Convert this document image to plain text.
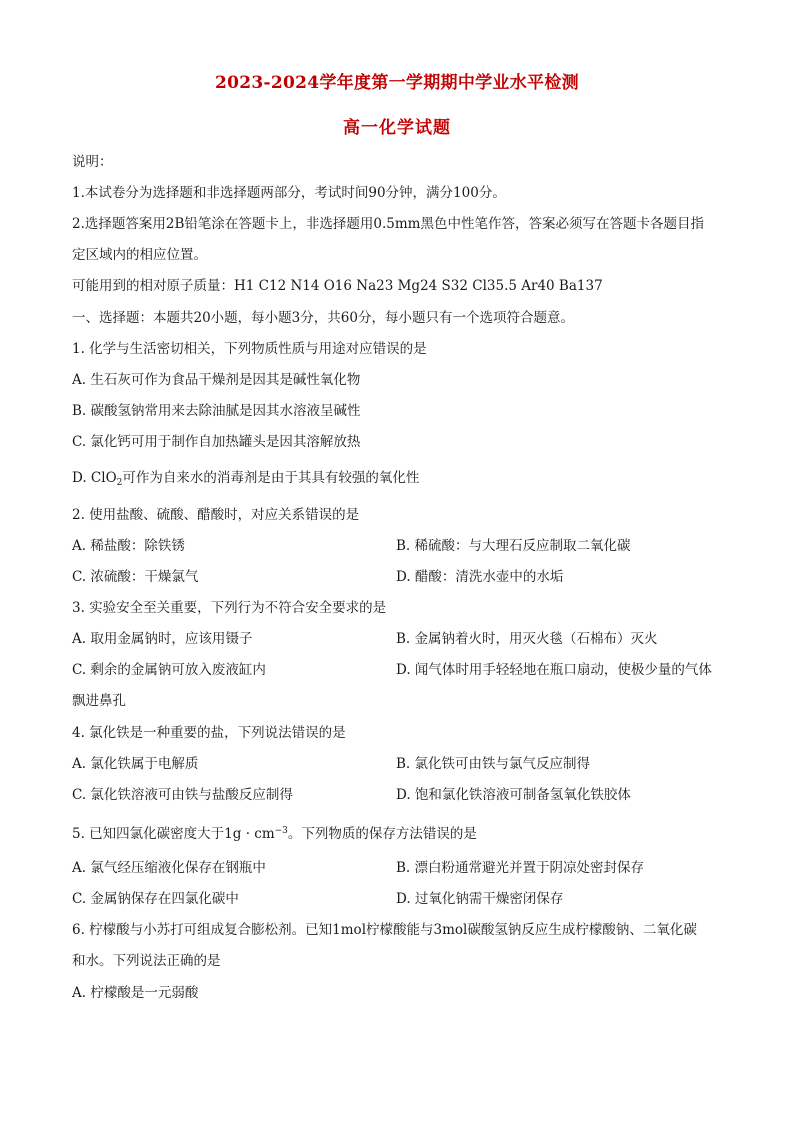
2023-2024学年度第一学期期中学业水平检测
高一化学试题
说明：
1.本试卷分为选择题和非选择题两部分，考试时间90分钟，满分100分。
2.选择题答案用2B铅笔涂在答题卡上，非选择题用0.5mm黑色中性笔作答，答案必须写在答题卡各题目指
定区域内的相应位置。
可能用到的相对原子质量：H1 C12 N14 O16 Na23 Mg24 S32 Cl35.5 Ar40 Ba137
一、选择题：本题共20小题，每小题3分，共60分，每小题只有一个选项符合题意。
1. 化学与生活密切相关，下列物质性质与用途对应错误的是
A. 生石灰可作为食品干燥剂是因其是碱性氧化物
B. 碳酸氢钠常用来去除油腻是因其水溶液呈碱性
C. 氯化钙可用于制作自加热罐头是因其溶解放热
D. ClO$_2$可作为自来水的消毒剂是由于其具有较强的氧化性
2. 使用盐酸、硫酸、醋酸时，对应关系错误的是
A. 稀盐酸：除铁锈	B. 稀硫酸：与大理石反应制取二氧化碳
C. 浓硫酸：干燥氯气	D. 醋酸：清洗水壶中的水垢
3. 实验安全至关重要，下列行为不符合安全要求的是
A. 取用金属钠时，应该用镊子	B. 金属钠着火时，用灭火毯（石棉布）灭火
C. 剩余的金属钠可放入废液缸内	D. 闻气体时用手轻轻地在瓶口扇动，使极少量的气体
飘进鼻孔
4. 氯化铁是一种重要的盐，下列说法错误的是
A. 氯化铁属于电解质	B. 氯化铁可由铁与氯气反应制得
C. 氯化铁溶液可由铁与盐酸反应制得	D. 饱和氯化铁溶液可制备氢氧化铁胶体
5. 已知四氯化碳密度大于$1g \cdot cm^{-3}$。下列物质的保存方法错误的是
A. 氯气经压缩液化保存在钢瓶中	B. 漂白粉通常避光并置于阴凉处密封保存
C. 金属钠保存在四氯化碳中	D. 过氧化钠需干燥密闭保存
6. 柠檬酸与小苏打可组成复合膨松剂。已知1mol柠檬酸能与3mol碳酸氢钠反应生成柠檬酸钠、二氧化碳
和水。下列说法正确的是
A. 柠檬酸是一元弱酸
